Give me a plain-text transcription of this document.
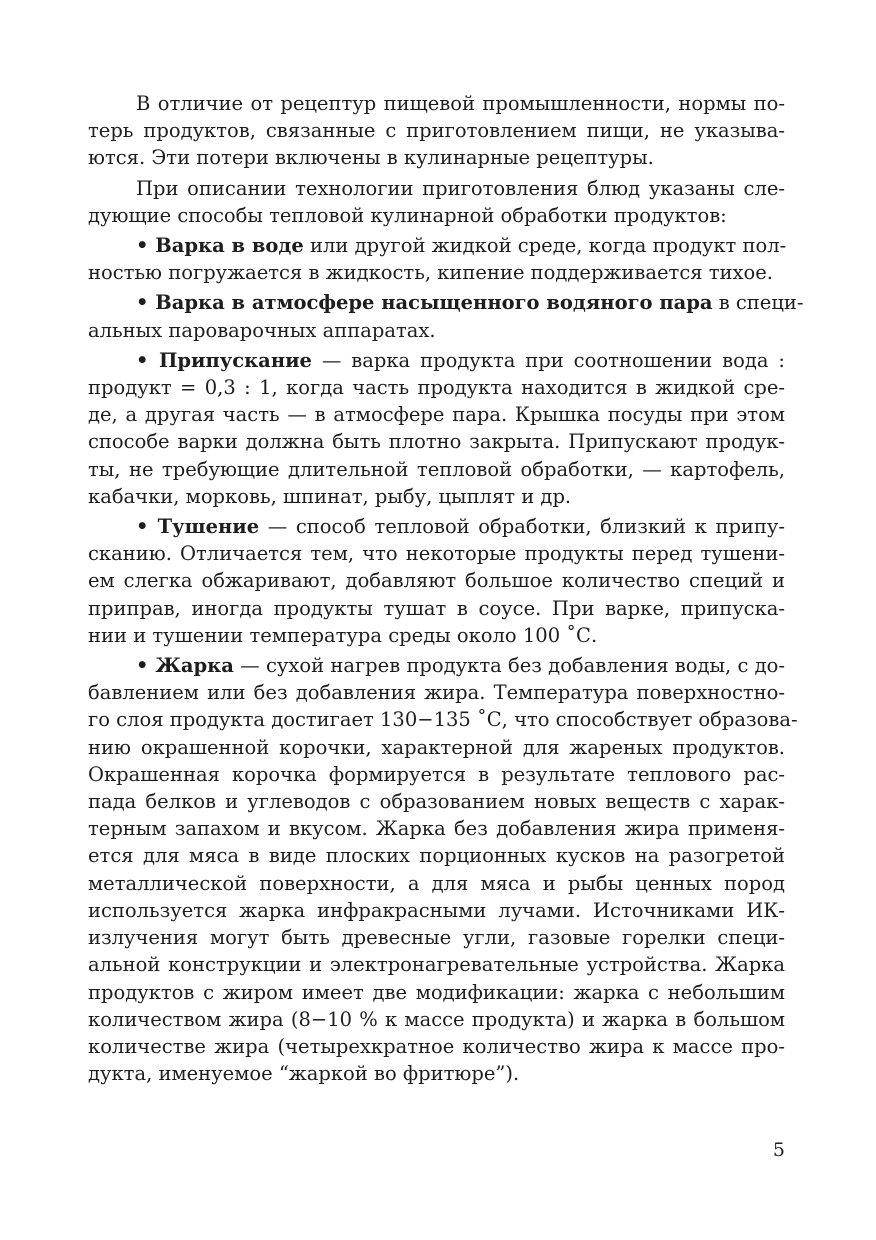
В отличие от рецептур пищевой промышленности, нормы по-
терь продуктов, связанные с приготовлением пищи, не указыва-
ются. Эти потери включены в кулинарные рецептуры.

При описании технологии приготовления блюд указаны сле-
дующие способы тепловой кулинарной обработки продуктов:

• Варка в воде или другой жидкой среде, когда продукт пол-
ностью погружается в жидкость, кипение поддерживается тихое.

• Варка в атмосфере насыщенного водяного пара в специ-
альных пароварочных аппаратах.

• Припускание — варка продукта при соотношении вода :
продукт = 0,3 : 1, когда часть продукта находится в жидкой сре-
де, а другая часть — в атмосфере пара. Крышка посуды при этом
способе варки должна быть плотно закрыта. Припускают продук-
ты, не требующие длительной тепловой обработки, — картофель,
кабачки, морковь, шпинат, рыбу, цыплят и др.

• Тушение — способ тепловой обработки, близкий к припу-
сканию. Отличается тем, что некоторые продукты перед тушени-
ем слегка обжаривают, добавляют большое количество специй и
приправ, иногда продукты тушат в соусе. При варке, припуска-
нии и тушении температура среды около 100 ˚С.

• Жарка — сухой нагрев продукта без добавления воды, с до-
бавлением или без добавления жира. Температура поверхностно-
го слоя продукта достигает 130−135 ˚С, что способствует образова-
нию окрашенной корочки, характерной для жареных продуктов.
Окрашенная корочка формируется в результате теплового рас-
пада белков и углеводов с образованием новых веществ с харак-
терным запахом и вкусом. Жарка без добавления жира применя-
ется для мяса в виде плоских порционных кусков на разогретой
металлической поверхности, а для мяса и рыбы ценных пород
используется жарка инфракрасными лучами. Источниками ИК-
излучения могут быть древесные угли, газовые горелки специ-
альной конструкции и электронагревательные устройства. Жарка
продуктов с жиром имеет две модификации: жарка с небольшим
количеством жира (8−10 % к массе продукта) и жарка в большом
количестве жира (четырехкратное количество жира к массе про-
дукта, именуемое “жаркой во фритюре”).

5
